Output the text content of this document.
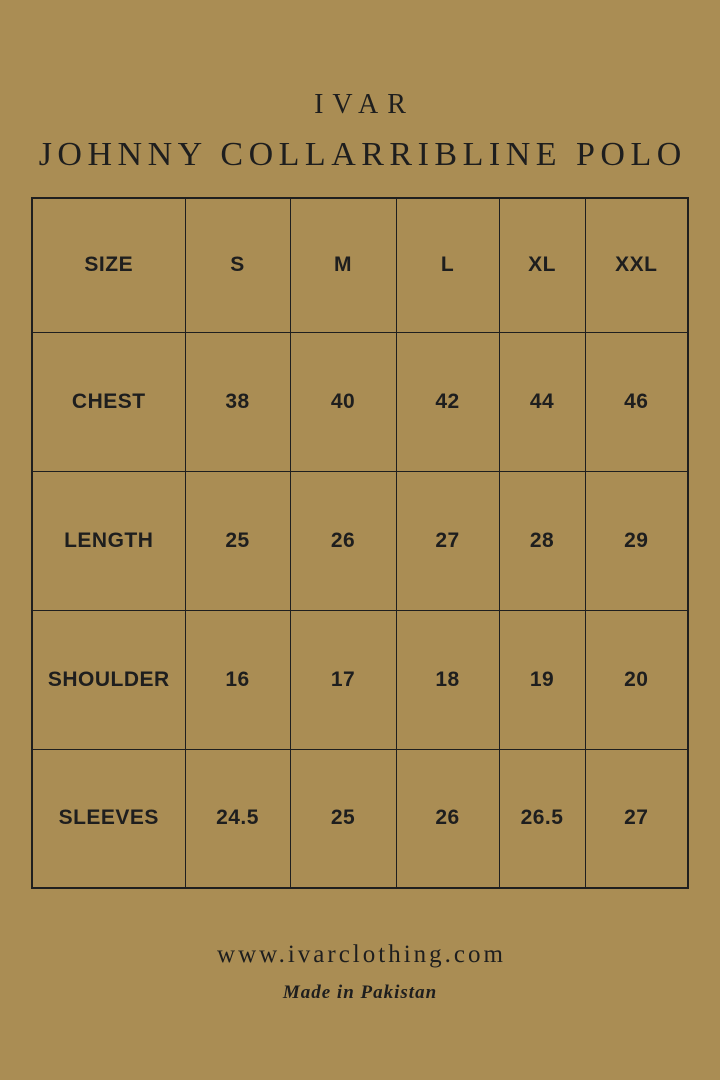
IVAR
JOHNNY COLLARRIBLINE POLO
SIZE	S	M	L	XL	XXL
CHEST	38	40	42	44	46
LENGTH	25	26	27	28	29
SHOULDER	16	17	18	19	20
SLEEVES	24.5	25	26	26.5	27
www.ivarclothing.com
Made in Pakistan
